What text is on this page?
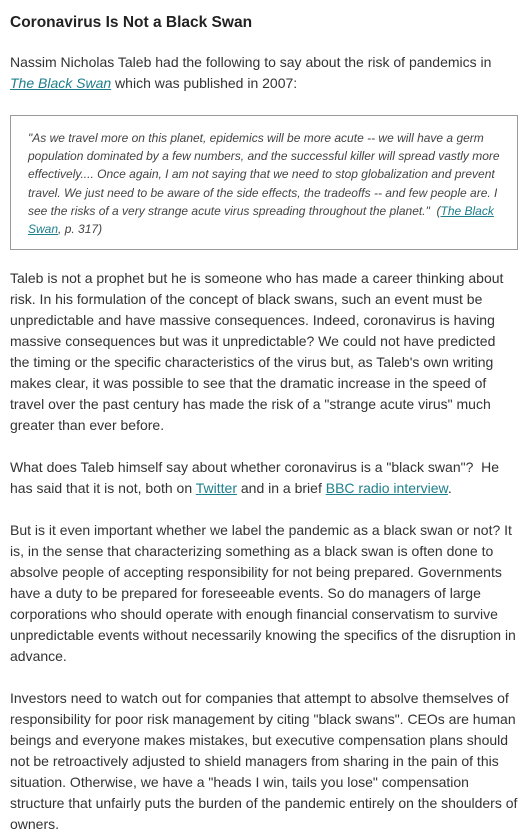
Coronavirus Is Not a Black Swan

Nassim Nicholas Taleb had the following to say about the risk of pandemics in The Black Swan which was published in 2007:

"As we travel more on this planet, epidemics will be more acute -- we will have a germ population dominated by a few numbers, and the successful killer will spread vastly more effectively.... Once again, I am not saying that we need to stop globalization and prevent travel. We just need to be aware of the side effects, the tradeoffs -- and few people are. I see the risks of a very strange acute virus spreading throughout the planet."  (The Black Swan, p. 317)

Taleb is not a prophet but he is someone who has made a career thinking about risk. In his formulation of the concept of black swans, such an event must be unpredictable and have massive consequences. Indeed, coronavirus is having massive consequences but was it unpredictable? We could not have predicted the timing or the specific characteristics of the virus but, as Taleb's own writing makes clear, it was possible to see that the dramatic increase in the speed of travel over the past century has made the risk of a "strange acute virus" much greater than ever before.

What does Taleb himself say about whether coronavirus is a "black swan"?  He has said that it is not, both on Twitter and in a brief BBC radio interview.

But is it even important whether we label the pandemic as a black swan or not? It is, in the sense that characterizing something as a black swan is often done to absolve people of accepting responsibility for not being prepared. Governments have a duty to be prepared for foreseeable events. So do managers of large corporations who should operate with enough financial conservatism to survive unpredictable events without necessarily knowing the specifics of the disruption in advance.

Investors need to watch out for companies that attempt to absolve themselves of responsibility for poor risk management by citing "black swans". CEOs are human beings and everyone makes mistakes, but executive compensation plans should not be retroactively adjusted to shield managers from sharing in the pain of this situation. Otherwise, we have a "heads I win, tails you lose" compensation structure that unfairly puts the burden of the pandemic entirely on the shoulders of owners.
